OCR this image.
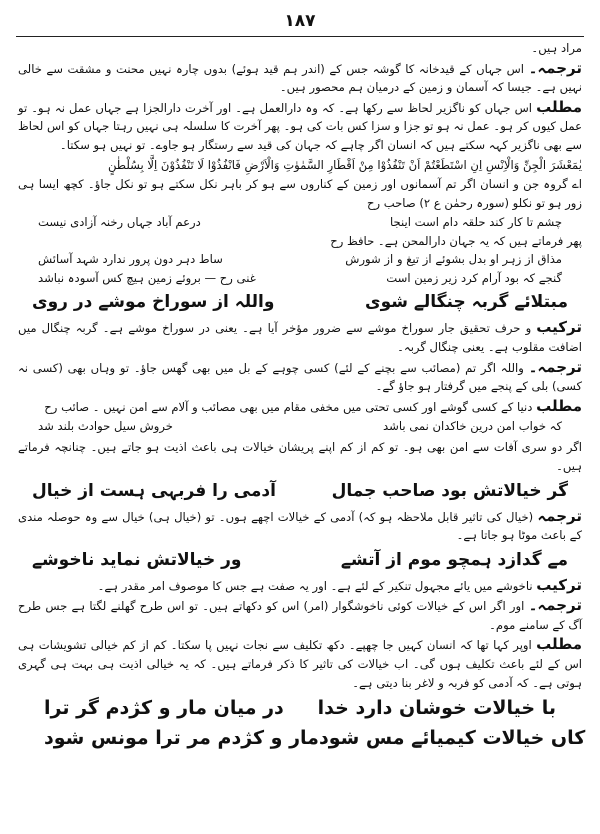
۱۸۷

مراد ہیں۔

ترجمہ۔ اس جہاں کے قیدخانہ کا گوشہ جس کے (اندر ہم قید ہوئے) بدوں چارہ نہیں محنت و مشقت سے خالی نہیں ہے۔ جیسا کہ آسمان و زمین کے درمیان ہم محصور ہیں۔

مطلب اس جہاں کو ناگزیر لحاظ سے رکھا ہے۔ کہ وہ دارالعمل ہے۔ اور آخرت دارالجزا ہے جہاں عمل نہ ہو۔ تو عمل کیوں کر ہو۔ عمل نہ ہو تو جزا و سزا کس بات کی ہو۔ پھر آخرت کا سلسلہ ہی نہیں رہتا جہاں کو اس لحاظ سے بھی ناگزیر کہہ سکتے ہیں کہ انسان اگر چاہے کہ جہان کی قید سے رستگار ہو جاوے۔ تو نہیں ہو سکتا۔

یٰمَعْشَرَ الْجِنِّ وَالْاِنْسِ اِنِ اسْتَطَعْتُمْ اَنْ تَنْفُذُوْا مِنْ اَقْطَارِ السَّمٰوٰتِ وَالْاَرْضِ فَانْفُذُوْا لَا تَنْفُذُوْنَ اِلَّا بِسُلْطٰنٍ

اے گروہ جن و انسان اگر تم آسمانوں اور زمین کے کناروں سے ہو کر باہر نکل سکتے ہو تو نکل جاؤ۔ کچھ ایسا ہی زور ہو تو نکلو (سورہ رحمٰن ع ۲) صاحب رح

درعم آباد جہاں رخنہ آزادی نیست	چشم تا کار کند حلقہ دام است اینجا
پھر فرماتے ہیں کہ یہ جہان دارالمحن ہے۔ حافظ رح
ساط دہر دون پرور ندارد شہد آسائش	مذاق از زہر او بدل بشوئے از تیغ و از شورش
غنی رح — بروئے زمین ہیچ کس آسودہ نباشد	گنجے کہ بود آرام کرد زیر زمین است
واللہ از سوراخ موشے در روی	مبتلائے گربہ چنگالے شوی

ترکیب و حرف تحقیق جار سوراخ موشے سے ضرور مؤخر آیا ہے۔ یعنی در سوراخ موشے ہے۔ گربہ چنگال میں اضافت مقلوب ہے۔ یعنی چنگال گربہ۔

ترجمہ۔ واللہ اگر تم (مصائب سے بچنے کے لئے) کسی چوہے کے بل میں بھی گھس جاؤ۔ تو وہاں بھی (کسی نہ کسی) بلی کے پنجے میں گرفتار ہو جاؤ گے۔

مطلب دنیا کے کسی گوشے اور کسی تحتی میں مخفی مقام میں بھی مصائب و آلام سے امن نہیں ۔ صائب رح

خروش سیل حوادث بلند شد	کہ خواب امن درین خاکدان نمی باشد

اگر دو سری آفات سے امن بھی ہو۔ تو کم از کم اپنے پریشان خیالات ہی باعث اذیت ہو جاتے ہیں۔ چنانچہ فرماتے ہیں۔

آدمی را فربہی ہست از خیال	گر خیالاتش بود صاحب جمال

ترجمہ (خیال کی تاثیر قابل ملاحظہ ہو کہ) آدمی کے خیالات اچھے ہوں۔ تو (خیال ہی) خیال سے وہ حوصلہ مندی کے باعث موٹا ہو جاتا ہے۔

ور خیالاتش نماید ناخوشے	مے گدازد ہمچو موم از آتشے

ترکیب ناخوشے میں یائے مجہول تنکیر کے لئے ہے۔ اور یہ صفت ہے جس کا موصوف امر مقدر ہے۔

ترجمہ۔ اور اگر اس کے خیالات کوئی ناخوشگوار (امر) اس کو دکھاتے ہیں۔ تو اس طرح گھلنے لگتا ہے جس طرح آگ کے سامنے موم۔

مطلب اوپر کہا تھا کہ انسان کہیں جا چھپے۔ دکھ تکلیف سے نجات نہیں پا سکتا۔ کم از کم خیالی تشویشات ہی اس کے لئے باعث تکلیف ہوں گی۔ اب خیالات کی تاثیر کا ذکر فرماتے ہیں۔ کہ یہ خیالی اذیت ہی بہت ہی گہری ہوتی ہے۔ کہ آدمی کو فربہ و لاغر بنا دیتی ہے۔

در میان مار و کژدم گر ترا با خیالات خوشان دارد خدا
مار و کژدم مر ترا مونس شود کاں خیالات کیمیائے مس شود
